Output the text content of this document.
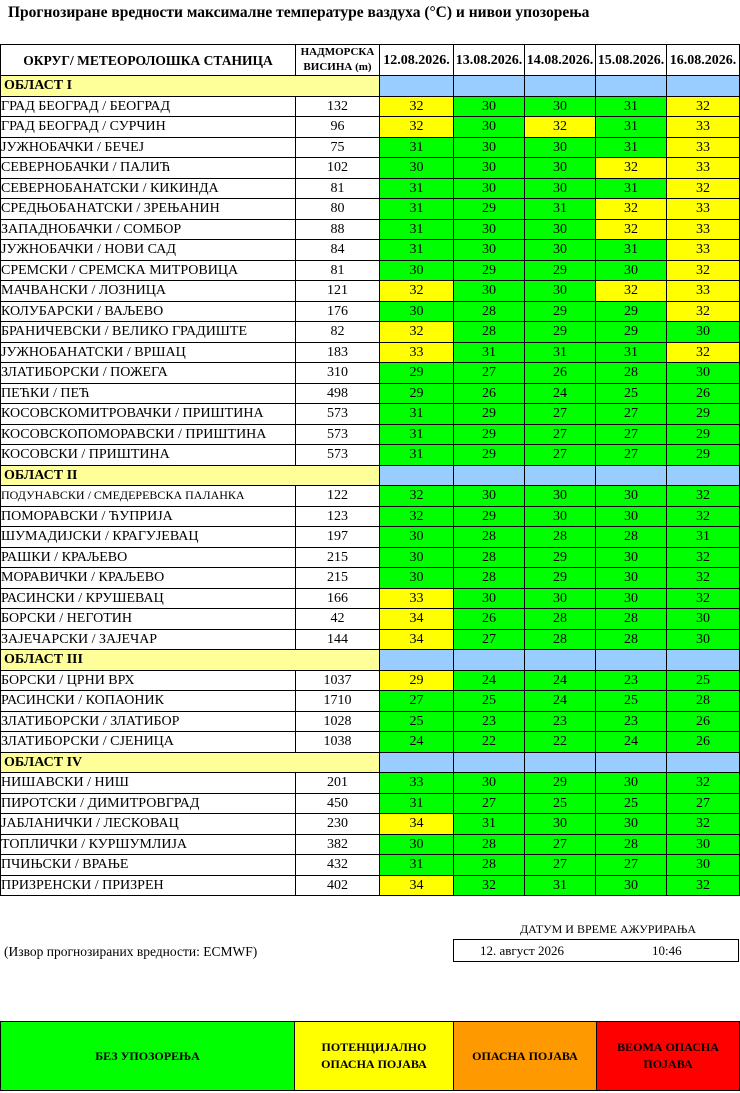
Прогнозиране вредности максималне температуре ваздуха (°C) и нивои упозорења
ОКРУГ/ МЕТЕОРОЛОШКА СТАНИЦА	НАДМОРСКА ВИСИНА (m)	12.08.2026.	13.08.2026.	14.08.2026.	15.08.2026.	16.08.2026.
ОБЛАСТ I						
ГРАД БЕОГРАД / БЕОГРАД	132	32	30	30	31	32
ГРАД БЕОГРАД / СУРЧИН	96	32	30	32	31	33
ЈУЖНОБАЧКИ / БЕЧЕЈ	75	31	30	30	31	33
СЕВЕРНОБАЧКИ / ПАЛИЋ	102	30	30	30	32	33
СЕВЕРНОБАНАТСКИ / КИКИНДА	81	31	30	30	31	32
СРЕДЊОБАНАТСКИ / ЗРЕЊАНИН	80	31	29	31	32	33
ЗАПАДНОБАЧКИ / СОМБОР	88	31	30	30	32	33
ЈУЖНОБАЧКИ / НОВИ САД	84	31	30	30	31	33
СРЕМСКИ / СРЕМСКА МИТРОВИЦА	81	30	29	29	30	32
МАЧВАНСКИ / ЛОЗНИЦА	121	32	30	30	32	33
КОЛУБАРСКИ / ВАЉЕВО	176	30	28	29	29	32
БРАНИЧЕВСКИ / ВЕЛИКО ГРАДИШТЕ	82	32	28	29	29	30
ЈУЖНОБАНАТСКИ / ВРШАЦ	183	33	31	31	31	32
ЗЛАТИБОРСКИ / ПОЖЕГА	310	29	27	26	28	30
ПЕЋКИ / ПЕЋ	498	29	26	24	25	26
КОСОВСКОМИТРОВАЧКИ / ПРИШТИНА	573	31	29	27	27	29
КОСОВСКОПОМОРАВСКИ / ПРИШТИНА	573	31	29	27	27	29
КОСОВСКИ / ПРИШТИНА	573	31	29	27	27	29
ОБЛАСТ II						
ПОДУНАВСКИ / СМЕДЕРЕВСКА ПАЛАНКА	122	32	30	30	30	32
ПОМОРАВСКИ / ЋУПРИЈА	123	32	29	30	30	32
ШУМАДИЈСКИ / КРАГУЈЕВАЦ	197	30	28	28	28	31
РАШКИ / КРАЉЕВО	215	30	28	29	30	32
МОРАВИЧКИ / КРАЉЕВО	215	30	28	29	30	32
РАСИНСКИ / КРУШЕВАЦ	166	33	30	30	30	32
БОРСКИ / НЕГОТИН	42	34	26	28	28	30
ЗАЈЕЧАРСКИ / ЗАЈЕЧАР	144	34	27	28	28	30
ОБЛАСТ III						
БОРСКИ / ЦРНИ ВРХ	1037	29	24	24	23	25
РАСИНСКИ / КОПАОНИК	1710	27	25	24	25	28
ЗЛАТИБОРСКИ / ЗЛАТИБОР	1028	25	23	23	23	26
ЗЛАТИБОРСКИ / СЈЕНИЦА	1038	24	22	22	24	26
ОБЛАСТ IV						
НИШАВСКИ / НИШ	201	33	30	29	30	32
ПИРОТСКИ / ДИМИТРОВГРАД	450	31	27	25	25	27
ЈАБЛАНИЧКИ / ЛЕСКОВАЦ	230	34	31	30	30	32
ТОПЛИЧКИ / КУРШУМЛИЈА	382	30	28	27	28	30
ПЧИЊСКИ / ВРАЊЕ	432	31	28	27	27	30
ПРИЗРЕНСКИ / ПРИЗРЕН	402	34	32	31	30	32
ДАТУМ И ВРЕМЕ АЖУРИРАЊА
(Извор прогнозираних вредности: ECMWF)	12. август 2026	10:46
БЕЗ УПОЗОРЕЊА	ПОТЕНЦИЈАЛНО ОПАСНА ПОЈАВА	ОПАСНА ПОЈАВА	ВЕОМА ОПАСНА ПОЈАВА
